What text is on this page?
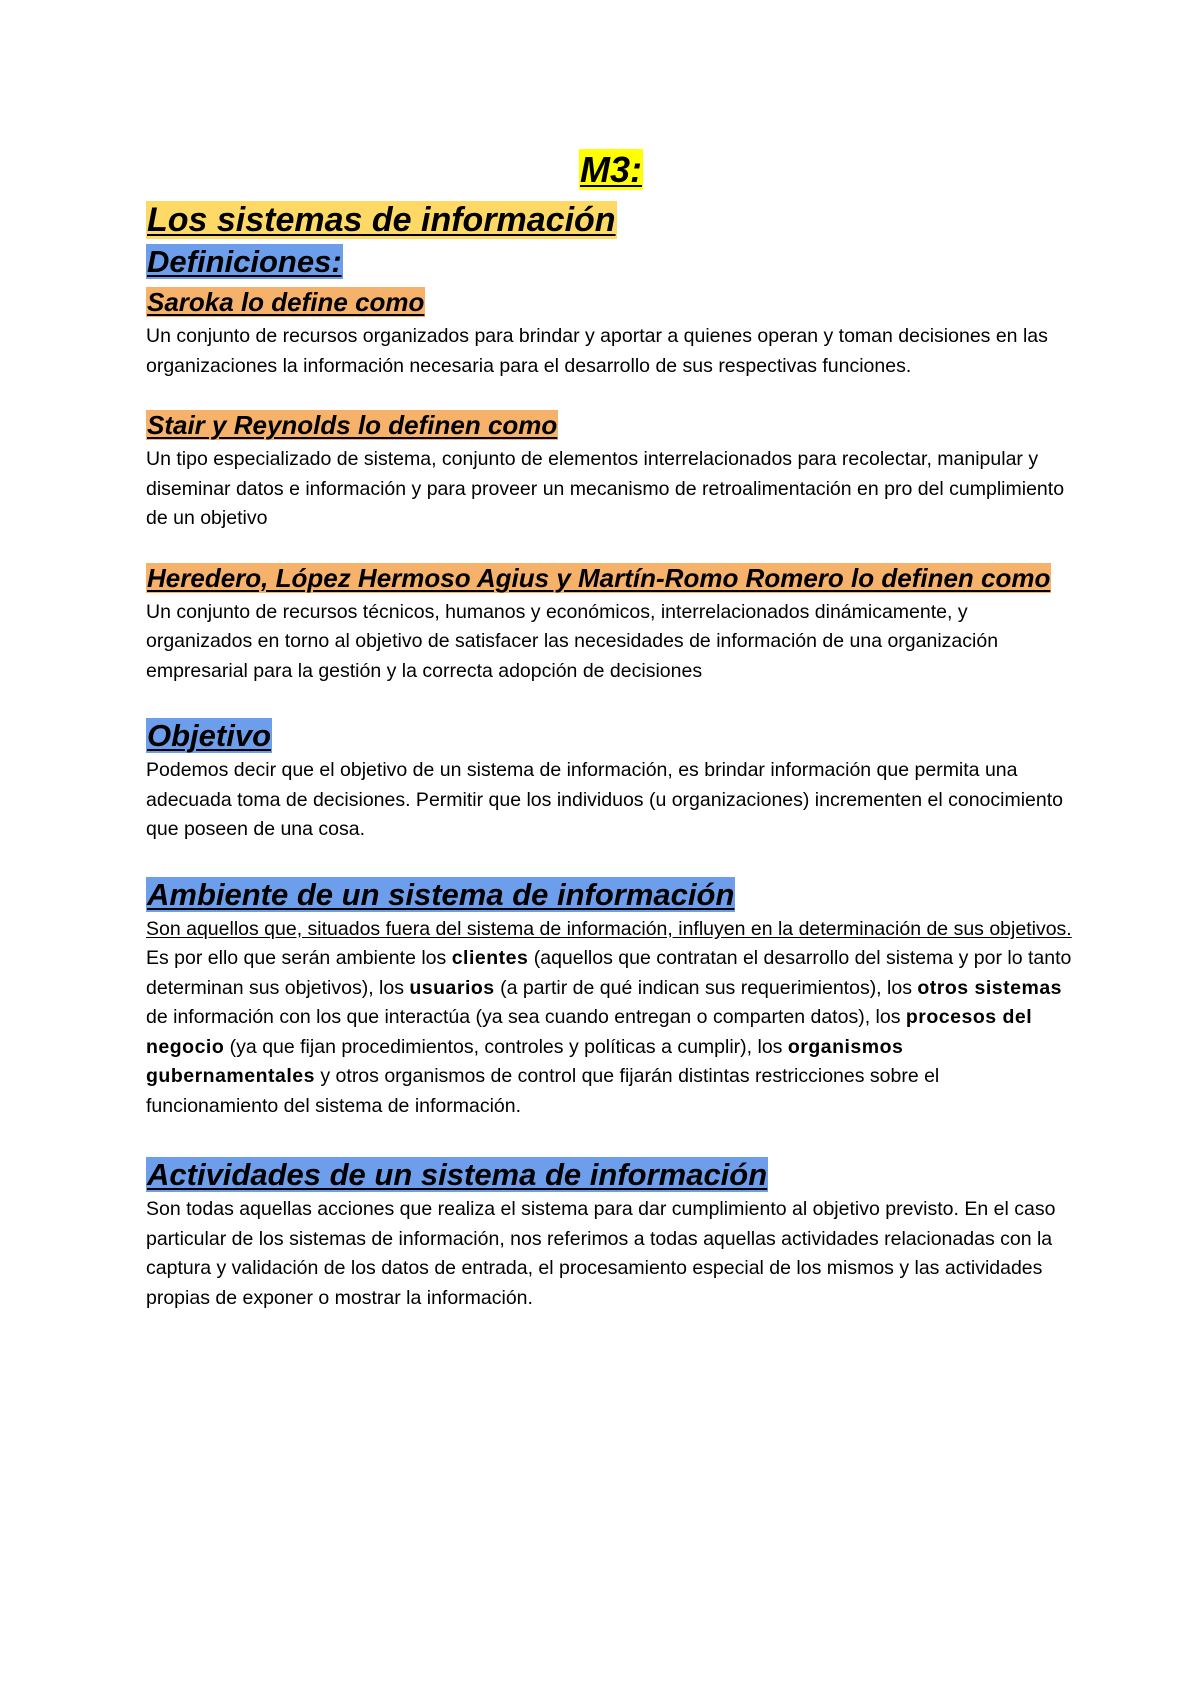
M3:

Los sistemas de información

Definiciones:

Saroka lo define como

Un conjunto de recursos organizados para brindar y aportar a quienes operan y toman decisiones en las organizaciones la información necesaria para el desarrollo de sus respectivas funciones.

Stair y Reynolds lo definen como

Un tipo especializado de sistema, conjunto de elementos interrelacionados para recolectar, manipular y diseminar datos e información y para proveer un mecanismo de retroalimentación en pro del cumplimiento de un objetivo

Heredero, López Hermoso Agius y Martín-Romo Romero lo definen como

Un conjunto de recursos técnicos, humanos y económicos, interrelacionados dinámicamente, y organizados en torno al objetivo de satisfacer las necesidades de información de una organización empresarial para la gestión y la correcta adopción de decisiones

Objetivo

Podemos decir que el objetivo de un sistema de información, es brindar información que permita una adecuada toma de decisiones. Permitir que los individuos (u organizaciones) incrementen el conocimiento que poseen de una cosa.

Ambiente de un sistema de información

Son aquellos que, situados fuera del sistema de información, influyen en la determinación de sus objetivos. Es por ello que serán ambiente los clientes (aquellos que contratan el desarrollo del sistema y por lo tanto determinan sus objetivos), los usuarios (a partir de qué indican sus requerimientos), los otros sistemas de información con los que interactúa (ya sea cuando entregan o comparten datos), los procesos del negocio (ya que fijan procedimientos, controles y políticas a cumplir), los organismos gubernamentales y otros organismos de control que fijarán distintas restricciones sobre el funcionamiento del sistema de información.

Actividades de un sistema de información

Son todas aquellas acciones que realiza el sistema para dar cumplimiento al objetivo previsto. En el caso particular de los sistemas de información, nos referimos a todas aquellas actividades relacionadas con la captura y validación de los datos de entrada, el procesamiento especial de los mismos y las actividades propias de exponer o mostrar la información.
